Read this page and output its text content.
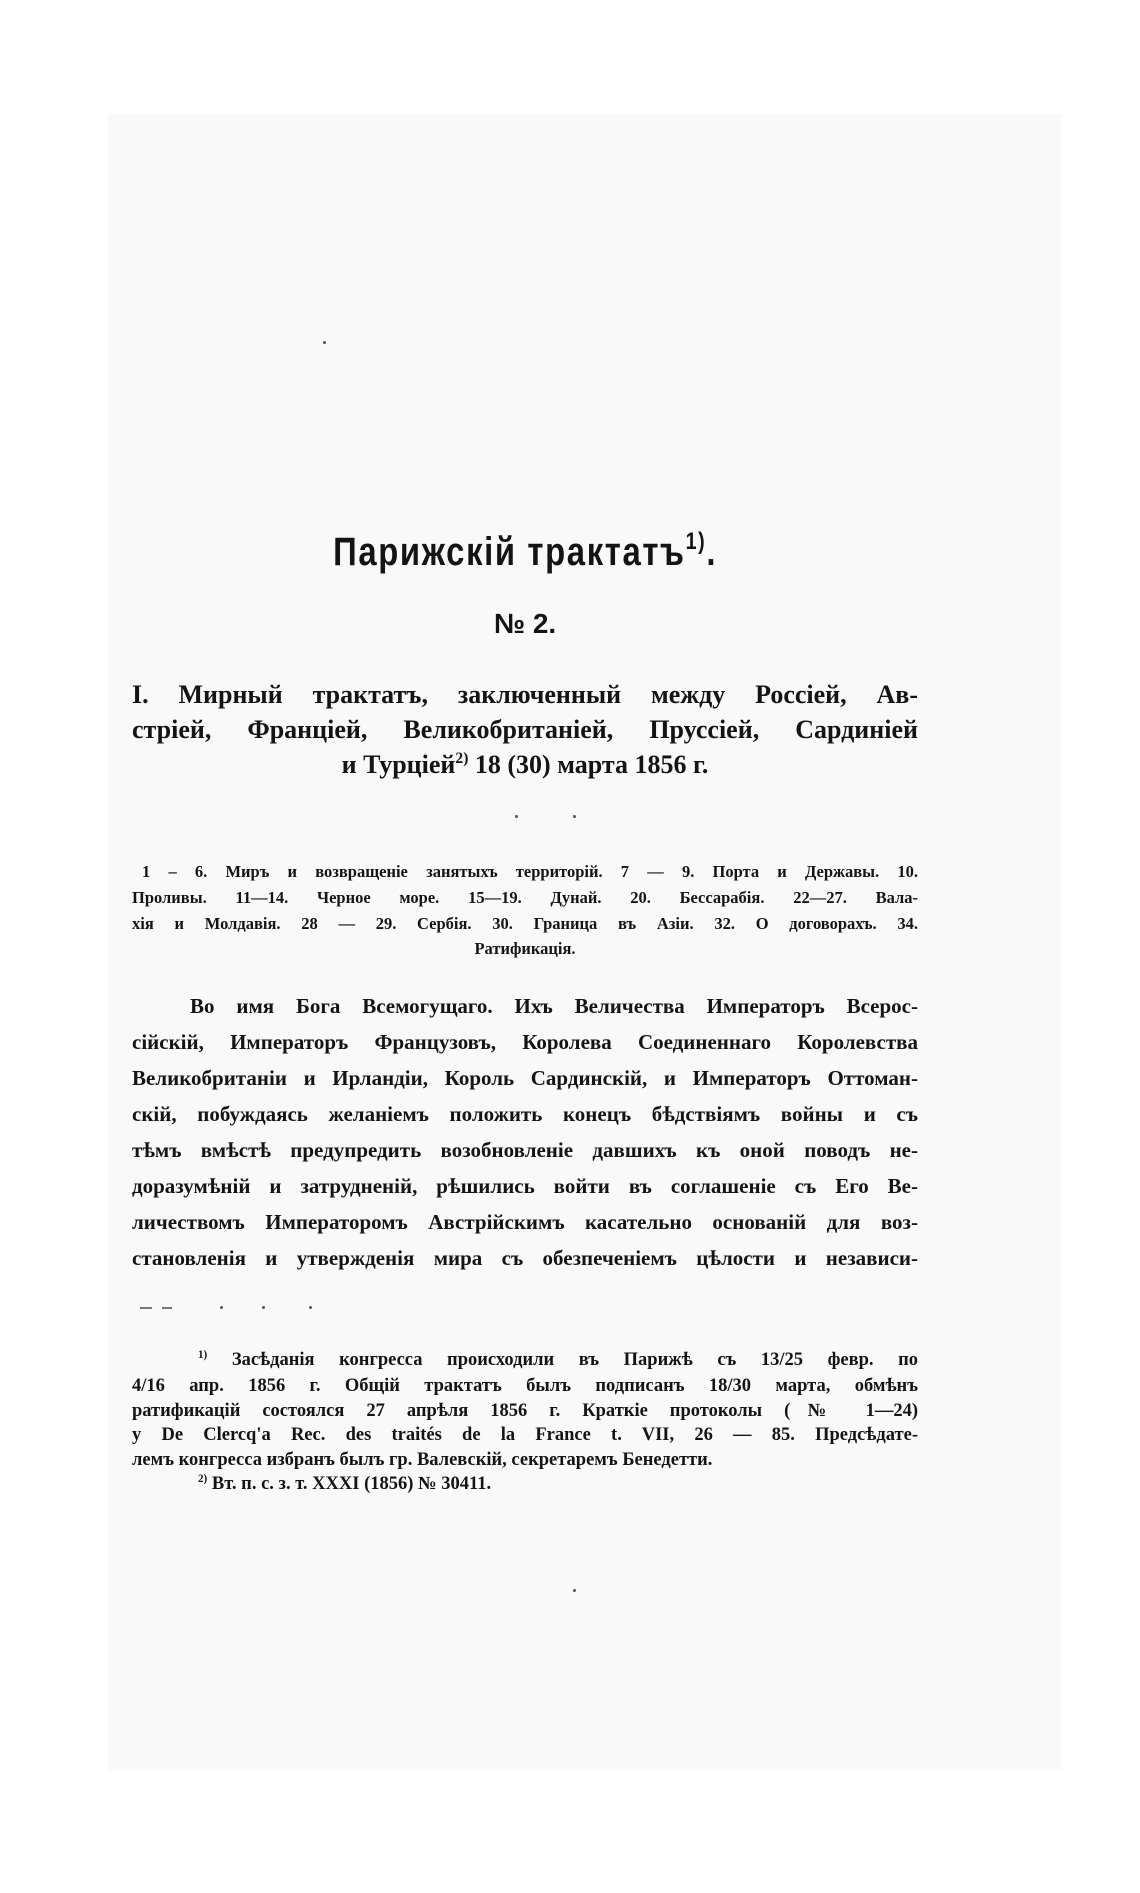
Парижскій трактатъ$^{1)}$.
№ 2.
I. Мирный трактатъ, заключенный между Россіей, Ав-
стріей, Франціей, Великобританіей, Пруссіей, Сардиніей
и Турціей$^{2)}$ 18 (30) марта 1856 г.
1 – 6. Миръ и возвращеніе занятыхъ территорій. 7 — 9. Порта и Державы. 10.
Проливы. 11—14. Черное море. 15—19. Дунай. 20. Бессарабія. 22—27. Вала-
хія и Молдавія. 28 — 29. Сербія. 30. Граница въ Азіи. 32. О договорахъ. 34.
Ратификація.
Во имя Бога Всемогущаго. Ихъ Величества Императоръ Всерос-
сійскій, Императоръ Французовъ, Королева Соединеннаго Королевства
Великобританіи и Ирландіи, Король Сардинскій, и Императоръ Оттоман-
скій, побуждаясь желаніемъ положить конецъ бѣдствіямъ войны и съ
тѣмъ вмѣстѣ предупредить возобновленіе давшихъ къ оной поводъ не-
доразумѣній и затрудненій, рѣшились войти въ соглашеніе съ Его Ве-
личествомъ Императоромъ Австрійскимъ касательно основаній для воз-
становленія и утвержденія мира съ обезпеченіемъ цѣлости и независи-
$^{1)}$ Засѣданія конгресса происходили въ Парижѣ съ 13/25 февр. по
4/16 апр. 1856 г. Общій трактатъ былъ подписанъ 18/30 марта, обмѣнъ
ратификацій состоялся 27 апрѣля 1856 г. Краткіе протоколы (№ 1—24)
у De Clercq'a Rec. des traités de la France t. VII, 26 — 85. Предсѣдате-
лемъ конгресса избранъ былъ гр. Валевскій, секретаремъ Бенедетти.
$^{2)}$ Вт. п. с. з. т. XXXI (1856) № 30411.
